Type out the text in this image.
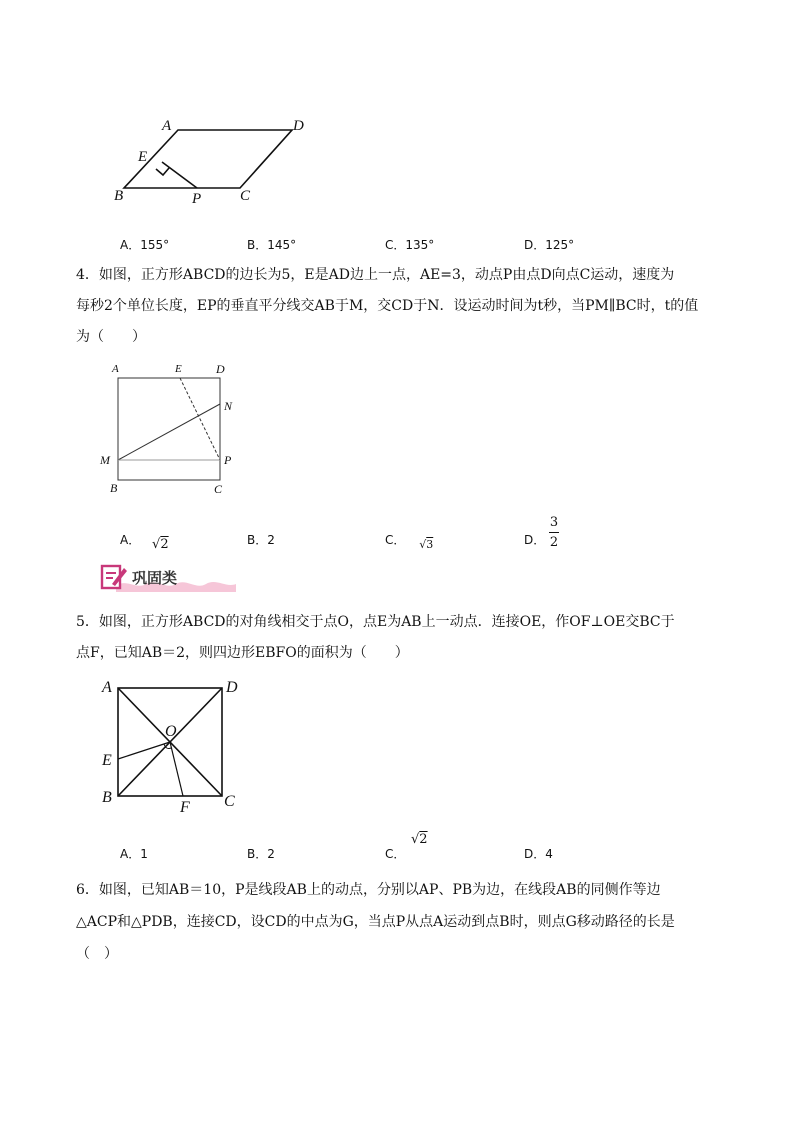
A	D
E
B	P	C
A．155°	B．145°	C．135°	D．125°
4．如图，正方形ABCD的边长为5，E是AD边上一点，AE=3，动点P由点D向点C运动，速度为
每秒2个单位长度，EP的垂直平分线交AB于M，交CD于N．设运动时间为t秒，当PM∥BC时，t的值
为（　　）
A	E	D
N
M	P
B	C
A． √2	B．2	C． √3	D．
3
2
巩固类
5．如图，正方形ABCD的对角线相交于点O，点E为AB上一动点．连接OE，作OF⊥OE交BC于
点F，已知AB＝2，则四边形EBFO的面积为（　　）
A	D
O
E
B
F C
A．1	B．2	C．
√2
D．4
6．如图，已知AB＝10，P是线段AB上的动点，分别以AP、PB为边，在线段AB的同侧作等边
△ACP和△PDB，连接CD，设CD的中点为G，当点P从点A运动到点B时，则点G移动路径的长是
（　）
